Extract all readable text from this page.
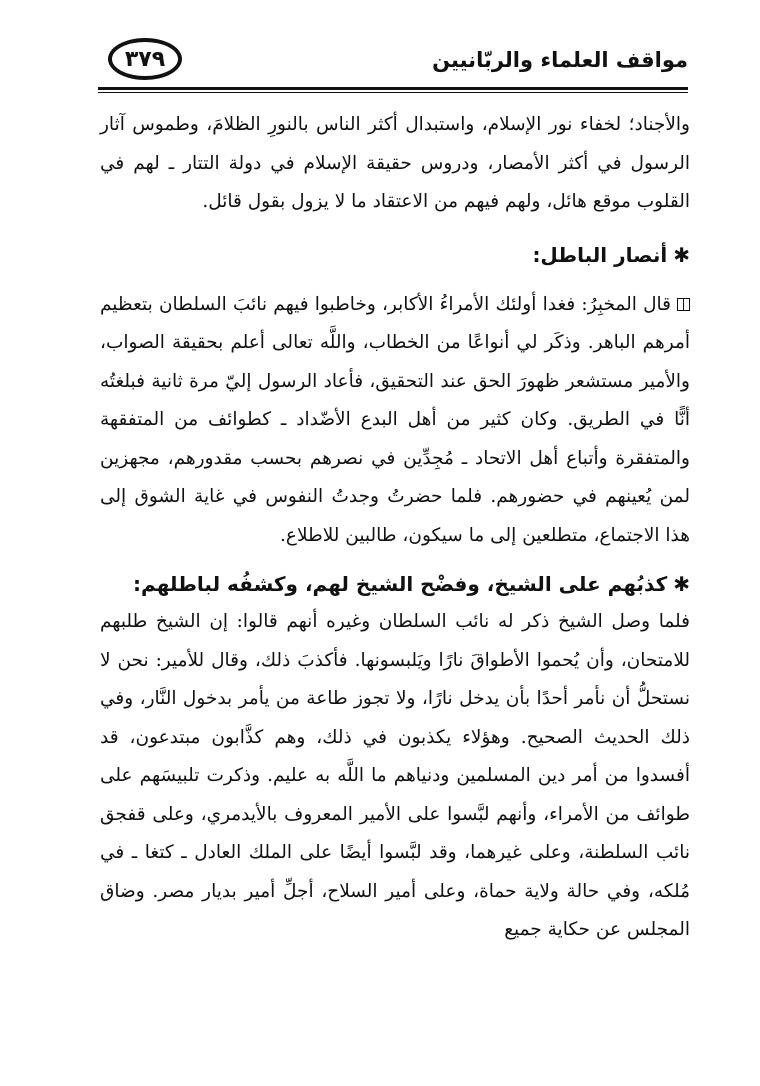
مواقف العلماء والربّانيين
٣٧٩

والأجناد؛ لخفاء نور الإسلام، واستبدال أكثر الناس بالنورِ الظلامَ، وطموس آثار الرسول في أكثر الأمصار، ودروس حقيقة الإسلام في دولة التتار ـ لهم في القلوب موقع هائل، ولهم فيهم من الاعتقاد ما لا يزول بقول قائل.

✱أنصار الباطل:

قال المخبِرُ: فغدا أولئك الأمراءُ الأكابر، وخاطبوا فيهم نائبَ السلطان بتعظيم أمرهم الباهر. وذكَر لي أنواعًا من الخطاب، واللَّه تعالى أعلم بحقيقة الصواب، والأمير مستشعر ظهورَ الحق عند التحقيق، فأعاد الرسول إليّ مرة ثانية فبلغتُه أنًّا في الطريق. وكان كثير من أهل البدع الأضّداد ـ كطوائف من المتفقهة والمتفقرة وأتباع أهل الاتحاد ـ مُجِدِّين في نصرهم بحسب مقدورهم، مجهزين لمن يُعينهم في حضورهم. فلما حضرتُ وجدتُ النفوس في غاية الشوق إلى هذا الاجتماع، متطلعين إلى ما سيكون، طالبين للاطلاع.

✱كذبُهم على الشيخ، وفضْح الشيخ لهم، وكشفُه لباطلهم:

فلما وصل الشيخ ذكر له نائب السلطان وغيره أنهم قالوا: إن الشيخ طلبهم للامتحان، وأن يُحموا الأطواقَ نارًا ويَلبسونها. فأكذبَ ذلك، وقال للأمير: نحن لا نستحلُّ أن نأمر أحدًا بأن يدخل نارًا، ولا تجوز طاعة من يأمر بدخول النَّار، وفي ذلك الحديث الصحيح. وهؤلاء يكذبون في ذلك، وهم كذَّابون مبتدعون، قد أفسدوا من أمر دين المسلمين ودنياهم ما اللَّه به عليم. وذكرت تلبيسَهم على طوائف من الأمراء، وأنهم لبَّسوا على الأمير المعروف بالأيدمري، وعلى قفجق نائب السلطنة، وعلى غيرهما، وقد لبَّسوا أيضًا على الملك العادل ـ كتغا ـ في مُلكه، وفي حالة ولاية حماة، وعلى أمير السلاح، أجلِّ أمير بديار مصر. وضاق المجلس عن حكاية جميع
